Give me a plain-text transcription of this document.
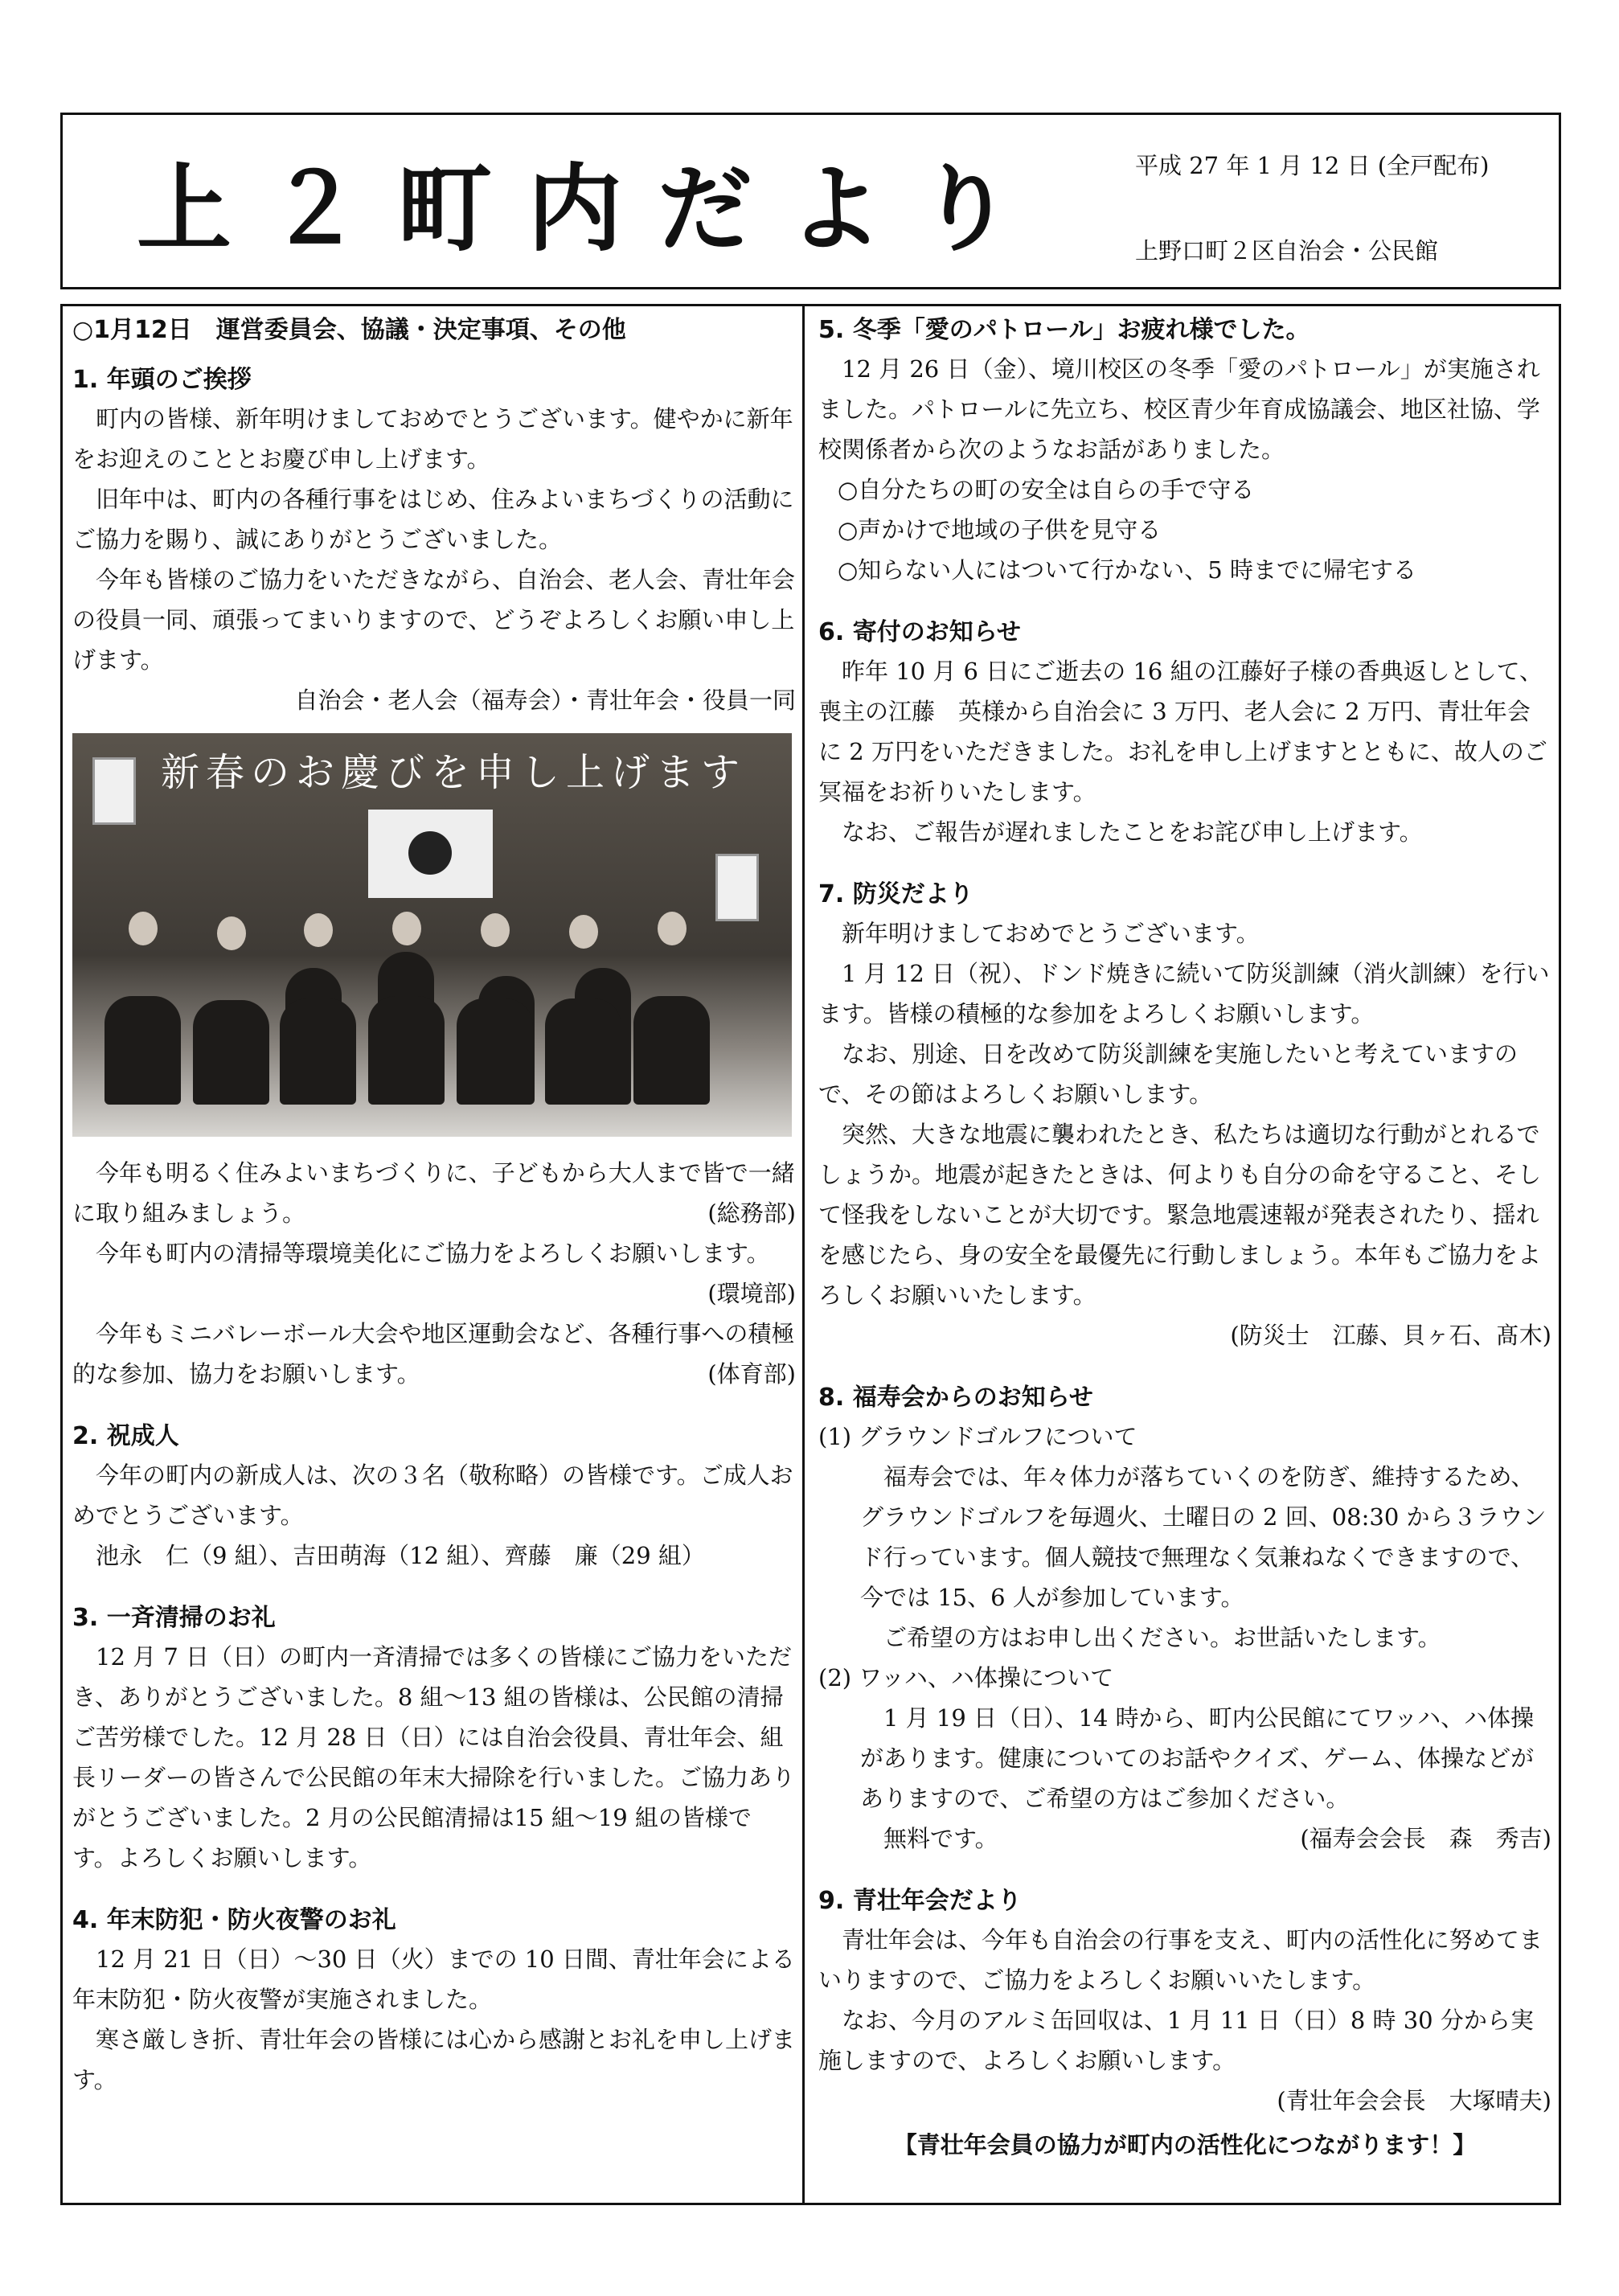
上２町内だより	平成 27 年 1 月 12 日 (全戸配布)
上野口町２区自治会・公民館

○1月12日　運営委員会、協議・決定事項、その他

1. 年頭のご挨拶

町内の皆様、新年明けましておめでとうございます。健やかに新年をお迎えのこととお慶び申し上げます。

旧年中は、町内の各種行事をはじめ、住みよいまちづくりの活動にご協力を賜り、誠にありがとうございました。

今年も皆様のご協力をいただきながら、自治会、老人会、青壮年会の役員一同、頑張ってまいりますので、どうぞよろしくお願い申し上げます。

自治会・老人会（福寿会）・青壮年会・役員一同

新春のお慶びを申し上げます

今年も明るく住みよいまちづくりに、子どもから大人まで皆で一緒に取り組みましょう。	(総務部)

今年も町内の清掃等環境美化にご協力をよろしくお願いします。

(環境部)

今年もミニバレーボール大会や地区運動会など、各種行事への積極的な参加、協力をお願いします。	(体育部)

2. 祝成人

今年の町内の新成人は、次の３名（敬称略）の皆様です。ご成人おめでとうございます。

池永　仁（9 組）、吉田萌海（12 組）、齊藤　廉（29 組）

3. 一斉清掃のお礼

12 月 7 日（日）の町内一斉清掃では多くの皆様にご協力をいただき、ありがとうございました。8 組～13 組の皆様は、公民館の清掃ご苦労様でした。12 月 28 日（日）には自治会役員、青壮年会、組長リーダーの皆さんで公民館の年末大掃除を行いました。ご協力ありがとうございました。2 月の公民館清掃は15 組～19 組の皆様です。よろしくお願いします。

4. 年末防犯・防火夜警のお礼

12 月 21 日（日）～30 日（火）までの 10 日間、青壮年会による年末防犯・防火夜警が実施されました。

寒さ厳しき折、青壮年会の皆様には心から感謝とお礼を申し上げます。

5. 冬季「愛のパトロール」お疲れ様でした。

12 月 26 日（金）、境川校区の冬季「愛のパトロール」が実施されました。パトロールに先立ち、校区青少年育成協議会、地区社協、学校関係者から次のようなお話がありました。

○自分たちの町の安全は自らの手で守る

○声かけで地域の子供を見守る

○知らない人にはついて行かない、5 時までに帰宅する

6. 寄付のお知らせ

昨年 10 月 6 日にご逝去の 16 組の江藤好子様の香典返しとして、喪主の江藤　英様から自治会に 3 万円、老人会に 2 万円、青壮年会に 2 万円をいただきました。お礼を申し上げますとともに、故人のご冥福をお祈りいたします。

なお、ご報告が遅れましたことをお詫び申し上げます。

7. 防災だより

新年明けましておめでとうございます。

1 月 12 日（祝）、ドンド焼きに続いて防災訓練（消火訓練）を行います。皆様の積極的な参加をよろしくお願いします。

なお、別途、日を改めて防災訓練を実施したいと考えていますので、その節はよろしくお願いします。

突然、大きな地震に襲われたとき、私たちは適切な行動がとれるでしょうか。地震が起きたときは、何よりも自分の命を守ること、そして怪我をしないことが大切です。緊急地震速報が発表されたり、揺れを感じたら、身の安全を最優先に行動しましょう。本年もご協力をよろしくお願いいたします。

(防災士　江藤、貝ヶ石、髙木)

8. 福寿会からのお知らせ

(1) グラウンドゴルフについて

福寿会では、年々体力が落ちていくのを防ぎ、維持するため、グラウンドゴルフを毎週火、土曜日の 2 回、08:30 から３ラウンド行っています。個人競技で無理なく気兼ねなくできますので、今では 15、6 人が参加しています。

ご希望の方はお申し出ください。お世話いたします。

(2) ワッハ、ハ体操について

1 月 19 日（日）、14 時から、町内公民館にてワッハ、ハ体操があります。健康についてのお話やクイズ、ゲーム、体操などがありますので、ご希望の方はご参加ください。

無料です。	(福寿会会長　森　秀吉)

9. 青壮年会だより

青壮年会は、今年も自治会の行事を支え、町内の活性化に努めてまいりますので、ご協力をよろしくお願いいたします。

なお、今月のアルミ缶回収は、1 月 11 日（日）8 時 30 分から実施しますので、よろしくお願いします。

(青壮年会会長　大塚晴夫)

【青壮年会員の協力が町内の活性化につながります！】
